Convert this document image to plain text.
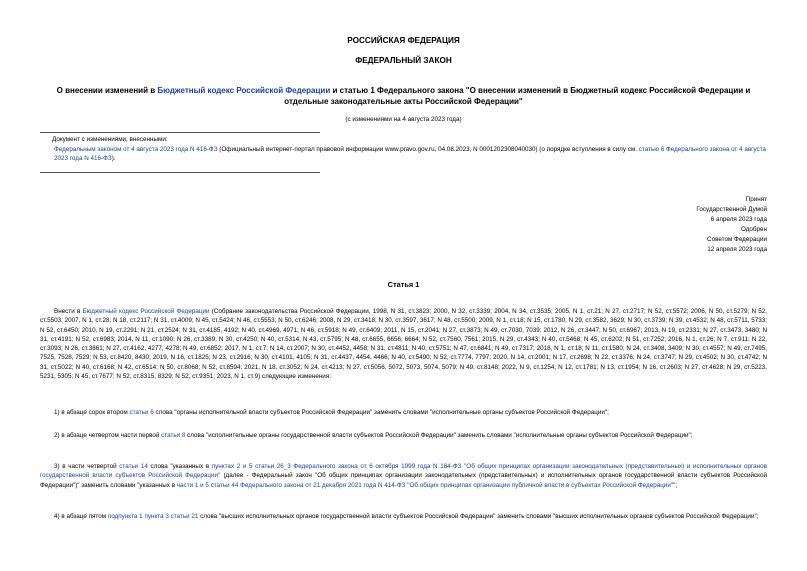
РОССИЙСКАЯ ФЕДЕРАЦИЯ
ФЕДЕРАЛЬНЫЙ ЗАКОН
О внесении изменений в Бюджетный кодекс Российской Федерации и статью 1 Федерального закона "О внесении изменений в Бюджетный кодекс Российской Федерации и отдельные законодательные акты Российской Федерации"
(с изменениями на 4 августа 2023 года)
Документ с изменениями, внесенными:
Федеральным законом от 4 августа 2023 года N 416-ФЗ (Официальный интернет-портал правовой информации www.pravo.gov.ru, 04.08.2023, N 0001202308040030) (о порядке вступления в силу см. статью 6 Федерального закона от 4 августа 2023 года N 416-ФЗ).
Принят
Государственной Думой
6 апреля 2023 года
Одобрен
Советом Федерации
12 апреля 2023 года
Статья 1
Внести в Бюджетный кодекс Российской Федерации (Собрание законодательства Российской Федерации, 1998, N 31, ст.3823; 2000, N 32, ст.3339; 2004, N 34, ст.3535; 2005, N 1, ст.21; N 27, ст.2717; N 52, ст.5572; 2006, N 50, ст.5279; N 52, ст.5503; 2007, N 1, ст.28; N 18, ст.2117; N 31, ст.4009; N 45, ст.5424; N 46, ст.5553; N 50, ст.6246; 2008, N 29, ст.3418; N 30, ст.3597, 3617; N 48, ст.5500; 2009, N 1, ст.18; N 15, ст.1780; N 29, ст.3582, 3629; N 30, ст.3739; N 39, ст.4532; N 48, ст.5711, 5733; N 52, ст.6450; 2010, N 19, ст.2291; N 21, ст.2524; N 31, ст.4185, 4192; N 40, ст.4969, 4971; N 46, ст.5918; N 49, ст.6409; 2011, N 15, ст.2041; N 27, ст.3873; N 49, ст.7030, 7039; 2012, N 26, ст.3447; N 50, ст.6967; 2013, N 19, ст.2331; N 27, ст.3473, 3480; N 31, ст.4191; N 52, ст.6983; 2014, N 11, ст.1090; N 26, ст.3389; N 30, ст.4250; N 40, ст.5314; N 43, ст.5795; N 48, ст.6655, 6656, 6664; N 52, ст.7560, 7561; 2015, N 29, ст.4343; N 40, ст.5468; N 45, ст.6202; N 51, ст.7252; 2016, N 1, ст.26; N 7, ст.911; N 22, ст.3093; N 26, ст.3861; N 27, ст.4162, 4277, 4278; N 49, ст.6852; 2017, N 1, ст.7; N 14, ст.2007; N 30, ст.4452, 4458; N 31, ст.4811; N 40, ст.5751; N 47, ст.6841; N 49, ст.7317; 2018, N 1, ст.18; N 11, ст.1580; N 24, ст.3408, 3409; N 30, ст.4557; N 49, ст.7495, 7525, 7528, 7529; N 53, ст.8420, 8430; 2019, N 16, ст.1825; N 23, ст.2916; N 30, ст.4101, 4105; N 31, ст.4437, 4454, 4466; N 40, ст.5490; N 52, ст.7774, 7797; 2020, N 14, ст.2001; N 17, ст.2698; N 22, ст.3376; N 24, ст.3747; N 29, ст.4502; N 30, ст.4742; N 31, ст.5022; N 40, ст.6168; N 42, ст.6514; N 50, ст.8068; N 52, ст.8594; 2021, N 18, ст.3052; N 24, ст.4213; N 27, ст.5056, 5072, 5073, 5074, 5079; N 49, ст.8148; 2022, N 9, ст.1254; N 12, ст.1781; N 13, ст.1954; N 16, ст.2603; N 27, ст.4628; N 29, ст.5223, 5231, 5305; N 45, ст.7677; N 52, ст.8315, 8329; N 52, ст.9351; 2023, N 1, ст.9) следующие изменения:
1) в абзаце сорок втором статьи 6 слова "органы исполнительной власти субъектов Российской Федерации" заменить словами "исполнительные органы субъектов Российской Федерации";
2) в абзаце четвертом части первой статьи 8 слова "исполнительные органы государственной власти субъектов Российской Федерации" заменить словами "исполнительные органы субъектов Российской Федерации";
3) в части четвертой статьи 14 слова "указанных в пунктах 2 и 5 статьи 26_3 Федерального закона от 6 октября 1999 года N 184-ФЗ "Об общих принципах организации законодательных (представительных) и исполнительных органов государственной власти субъектов Российской Федерации" (далее - Федеральный закон "Об общих принципах организации законодательных (представительных) и исполнительных органов государственной власти субъектов Российской Федерации")" заменить словами "указанных в части 1 и 5 статьи 44 Федерального закона от 21 декабря 2021 года N 414-ФЗ "Об общих принципах организации публичной власти в субъектах Российской Федерации"";
4) в абзаце пятом подпункта 1 пункта 3 статьи 21 слова "высших исполнительных органов государственной власти субъектов Российской Федерации" заменить словами "высших исполнительных органов субъектов Российской Федерации";
